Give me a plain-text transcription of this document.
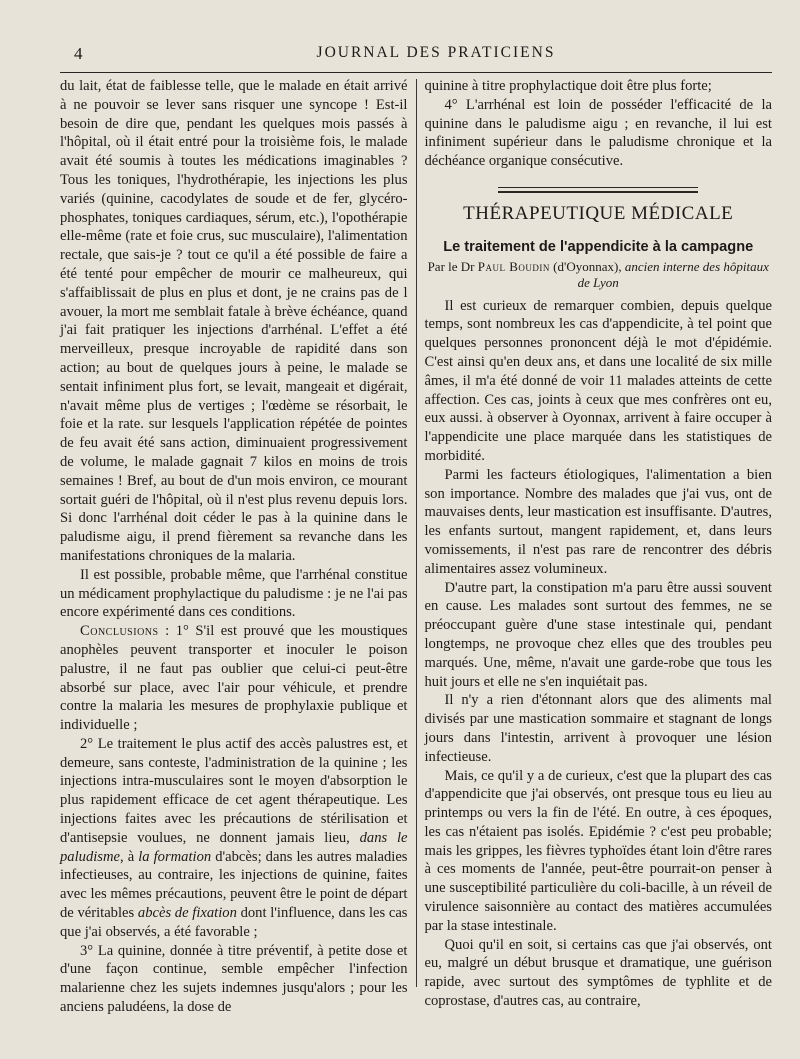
4	JOURNAL DES PRATICIENS

du lait, état de faiblesse telle, que le malade en était arrivé à ne pouvoir se lever sans risquer une syncope ! Est-il besoin de dire que, pendant les quelques mois passés à l'hôpital, où il était entré pour la troisième fois, le malade avait été soumis à toutes les médications imaginables ? Tous les toniques, l'hydrothérapie, les injections les plus variés (quinine, cacodylates de soude et de fer, glycéro-phosphates, toniques cardiaques, sérum, etc.), l'opothérapie elle-même (rate et foie crus, suc musculaire), l'alimentation rectale, que sais-je ? tout ce qu'il a été possible de faire a été tenté pour empêcher de mourir ce malheureux, qui s'affaiblissait de plus en plus et dont, je ne crains pas de l avouer, la mort me semblait fatale à brève échéance, quand j'ai fait pratiquer les injections d'arrhénal. L'effet a été merveilleux, presque incroyable de rapidité dans son action; au bout de quelques jours à peine, le malade se sentait infiniment plus fort, se levait, mangeait et digérait, n'avait même plus de vertiges ; l'œdème se résorbait, le foie et la rate. sur lesquels l'application répétée de pointes de feu avait été sans action, diminuaient progressivement de volume, le malade gagnait 7 kilos en moins de trois semaines ! Bref, au bout de d'un mois environ, ce mourant sortait guéri de l'hôpital, où il n'est plus revenu depuis lors. Si donc l'arrhénal doit céder le pas à la quinine dans le paludisme aigu, il prend fièrement sa revanche dans les manifestations chroniques de la malaria.

Il est possible, probable même, que l'arrhénal constitue un médicament prophylactique du paludisme : je ne l'ai pas encore expérimenté dans ces conditions.

Conclusions : 1° S'il est prouvé que les moustiques anophèles peuvent transporter et inoculer le poison palustre, il ne faut pas oublier que celui-ci peut-être absorbé sur place, avec l'air pour véhicule, et prendre contre la malaria les mesures de prophylaxie publique et individuelle ;

2° Le traitement le plus actif des accès palustres est, et demeure, sans conteste, l'administration de la quinine ; les injections intra-musculaires sont le moyen d'absorption le plus rapidement efficace de cet agent thérapeutique. Les injections faites avec les précautions de stérilisation et d'antisepsie voulues, ne donnent jamais lieu, dans le paludisme, à la formation d'abcès; dans les autres maladies infectieuses, au contraire, les injections de quinine, faites avec les mêmes précautions, peuvent être le point de départ de véritables abcès de fixation dont l'influence, dans les cas que j'ai observés, a été favorable ;

3° La quinine, donnée à titre préventif, à petite dose et d'une façon continue, semble empêcher l'infection malarienne chez les sujets indemnes jusqu'alors ; pour les anciens paludéens, la dose de

quinine à titre prophylactique doit être plus forte;

4° L'arrhénal est loin de posséder l'efficacité de la quinine dans le paludisme aigu ; en revanche, il lui est infiniment supérieur dans le paludisme chronique et la déchéance organique consécutive.

THÉRAPEUTIQUE MÉDICALE
Le traitement de l'appendicite à la campagne
Par le Dr Paul Boudin (d'Oyonnax), ancien interne des hôpitaux de Lyon

Il est curieux de remarquer combien, depuis quelque temps, sont nombreux les cas d'appendicite, à tel point que quelques personnes prononcent déjà le mot d'épidémie. C'est ainsi qu'en deux ans, et dans une localité de six mille âmes, il m'a été donné de voir 11 malades atteints de cette affection. Ces cas, joints à ceux que mes confrères ont eu, eux aussi. à observer à Oyonnax, arrivent à faire occuper à l'appendicite une place marquée dans les statistiques de morbidité.

Parmi les facteurs étiologiques, l'alimentation a bien son importance. Nombre des malades que j'ai vus, ont de mauvaises dents, leur mastication est insuffisante. D'autres, les enfants surtout, mangent rapidement, et, dans leurs vomissements, il n'est pas rare de rencontrer des débris alimentaires assez volumineux.

D'autre part, la constipation m'a paru être aussi souvent en cause. Les malades sont surtout des femmes, ne se préoccupant guère d'une stase intestinale qui, pendant longtemps, ne provoque chez elles que des troubles peu marqués. Une, même, n'avait une garde-robe que tous les huit jours et elle ne s'en inquiétait pas.

Il n'y a rien d'étonnant alors que des aliments mal divisés par une mastication sommaire et stagnant de longs jours dans l'intestin, arrivent à provoquer une lésion infectieuse.

Mais, ce qu'il y a de curieux, c'est que la plupart des cas d'appendicite que j'ai observés, ont presque tous eu lieu au printemps ou vers la fin de l'été. En outre, à ces époques, les cas n'étaient pas isolés. Epidémie ? c'est peu probable; mais les grippes, les fièvres typhoïdes étant loin d'être rares à ces moments de l'année, peut-être pourrait-on penser à une susceptibilité particulière du coli-bacille, à un réveil de virulence saisonnière au contact des matières accumulées par la stase intestinale.

Quoi qu'il en soit, si certains cas que j'ai observés, ont eu, malgré un début brusque et dramatique, une guérison rapide, avec surtout des symptômes de typhlite et de coprostase, d'autres cas, au contraire,
